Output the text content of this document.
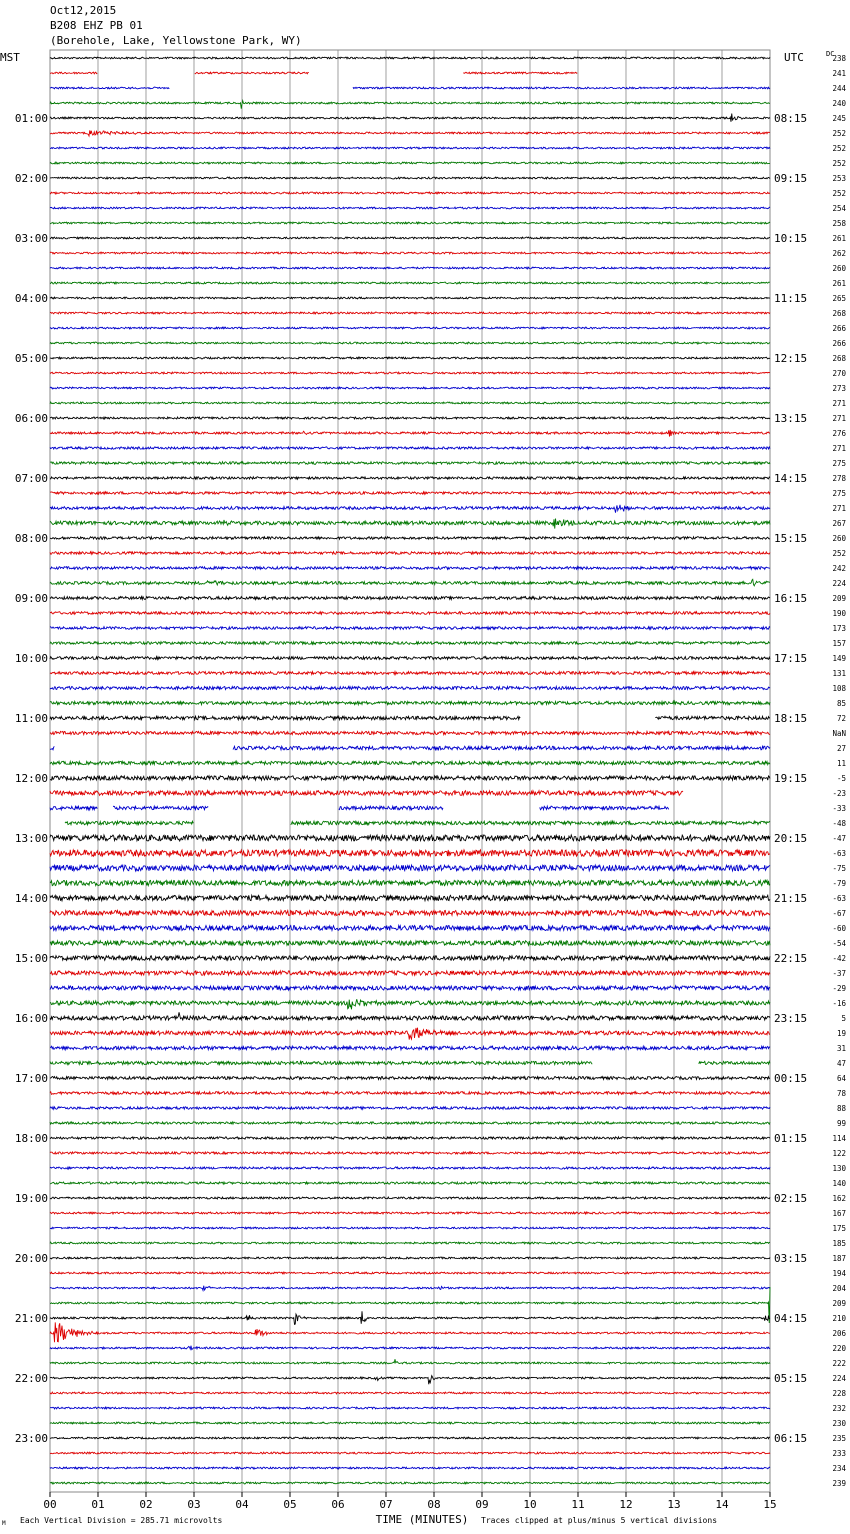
Oct12,2015
B208 EHZ PB 01
(Borehole, Lake, Yellowstone Park, WY)
238
241
244
240
245
01:00	08:15
252
252
252
253
02:00	09:15
252
254
258
261
03:00	10:15
262
260
261
265
04:00	11:15
268
266
266
268
05:00	12:15
270
273
271
271
06:00	13:15
276
271
275
278
07:00	14:15
275
271
267
260
08:00	15:15
252
242
224
209
09:00	16:15
190
173
157
149
10:00	17:15
131
108
85
72
11:00	18:15
NaN
27
11
-5
12:00	19:15
-23
-33
-48
-47
13:00	20:15
-63
-75
-79
-63
14:00	21:15
-67
-60
-54
-42
15:00	22:15
-37
-29
-16
5
16:00	23:15
19
31
47
64
17:00	00:15
78
88
99
114
18:00	01:15
122
130
140
162
19:00	02:15
167
175
185
187
20:00	03:15
194
204
209
210
21:00	04:15
206
220
222
224
22:00	05:15
228
232
230
235
23:00	06:15
233
234
239
MST	UTC	DC
00	01	02	03	04	05	06	07	08	09	10	11	12	13	14	15
TIME (MINUTES)
Each Vertical Division = 285.71 microvolts	Traces clipped at plus/minus 5 vertical divisions
M
